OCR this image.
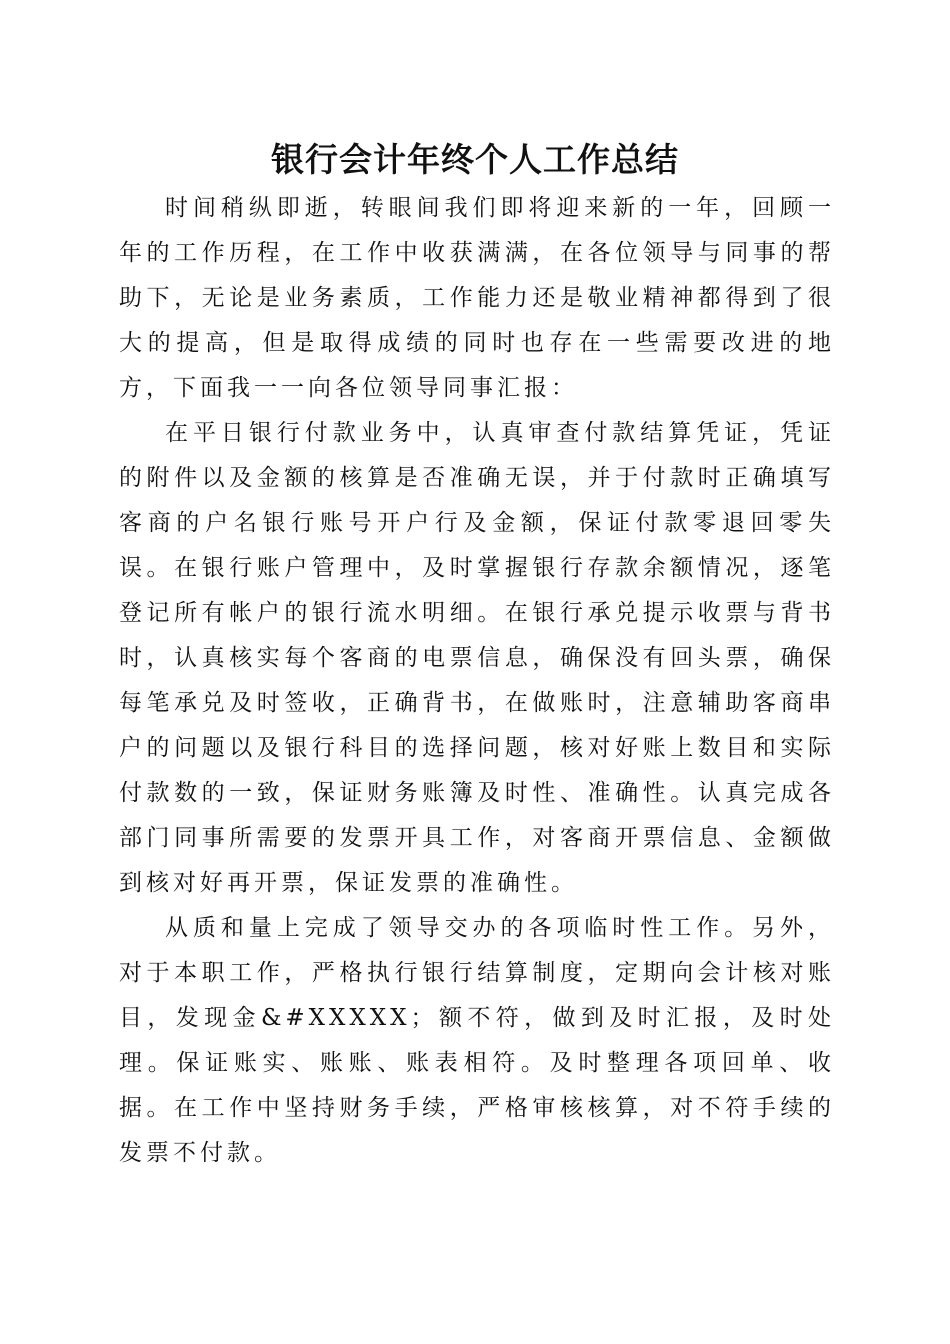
银行会计年终个人工作总结

时间稍纵即逝，转眼间我们即将迎来新的一年，回顾一年的工作历程，在工作中收获满满，在各位领导与同事的帮助下，无论是业务素质，工作能力还是敬业精神都得到了很大的提高，但是取得成绩的同时也存在一些需要改进的地方，下面我一一向各位领导同事汇报：

在平日银行付款业务中，认真审查付款结算凭证，凭证的附件以及金额的核算是否准确无误，并于付款时正确填写客商的户名银行账号开户行及金额，保证付款零退回零失误。在银行账户管理中，及时掌握银行存款余额情况，逐笔登记所有帐户的银行流水明细。在银行承兑提示收票与背书时，认真核实每个客商的电票信息，确保没有回头票，确保每笔承兑及时签收，正确背书，在做账时，注意辅助客商串户的问题以及银行科目的选择问题，核对好账上数目和实际付款数的一致，保证财务账簿及时性、准确性。认真完成各部门同事所需要的发票开具工作，对客商开票信息、金额做到核对好再开票，保证发票的准确性。

从质和量上完成了领导交办的各项临时性工作。另外，对于本职工作，严格执行银行结算制度，定期向会计核对账目，发现金&#XXXXX；额不符，做到及时汇报，及时处理。保证账实、账账、账表相符。及时整理各项回单、收据。在工作中坚持财务手续，严格审核核算，对不符手续的发票不付款。
